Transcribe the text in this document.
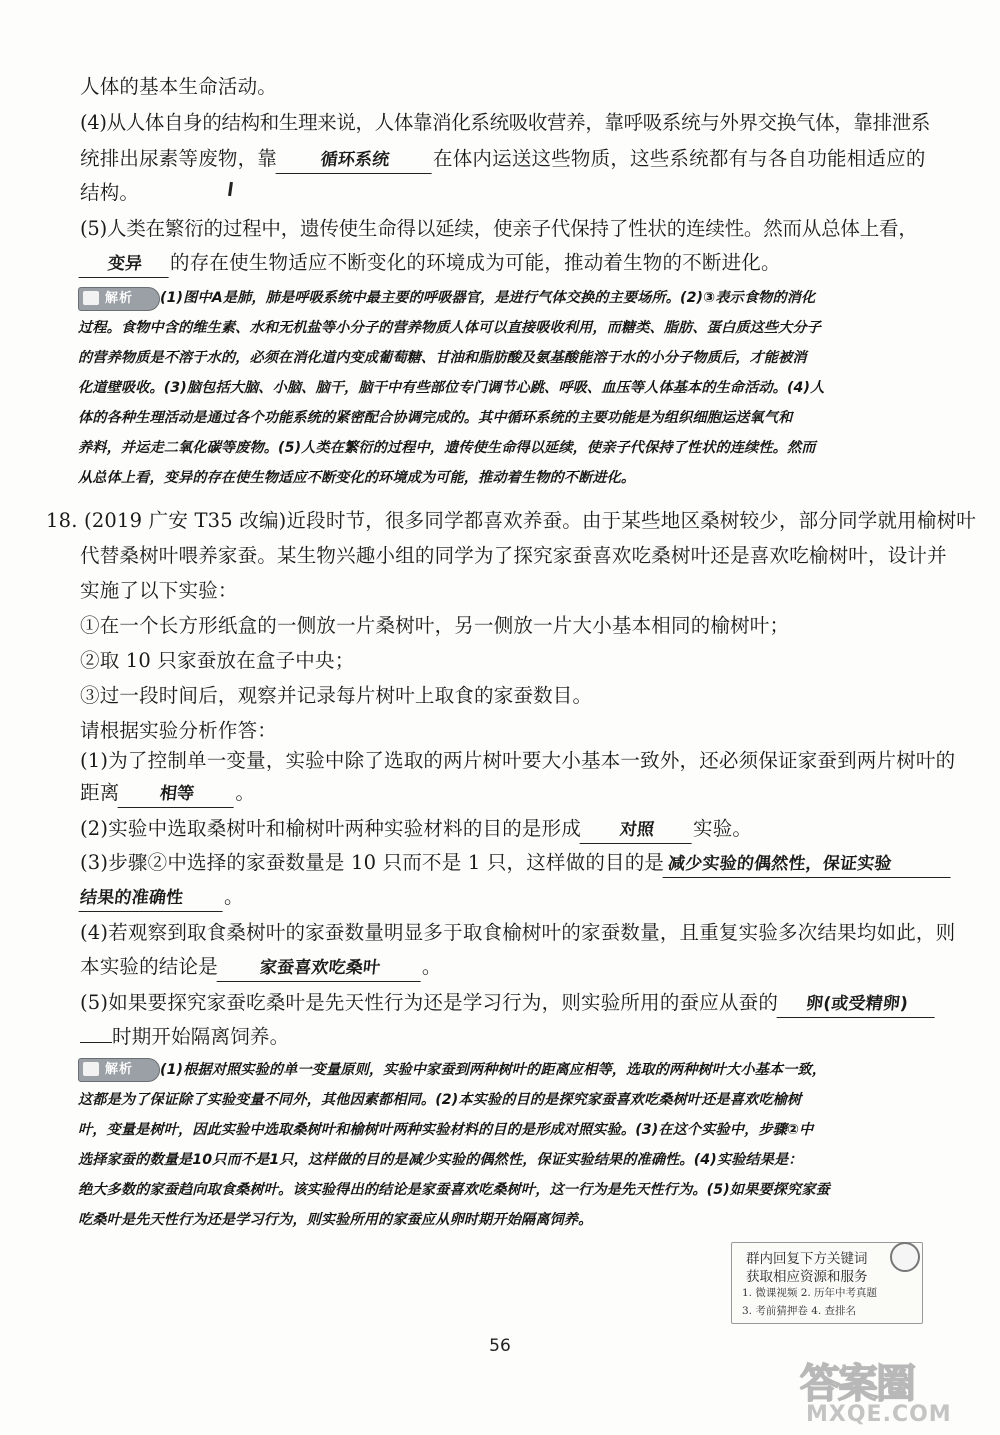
人体的基本生命活动。
(4)从人体自身的结构和生理来说，人体靠消化系统吸收营养，靠呼吸系统与外界交换气体，靠排泄系
统排出尿素等废物，靠	循环系统 在体内运送这些物质，这些系统都有与各自功能相适应的
结构。
(5)人类在繁衍的过程中，遗传使生命得以延续，使亲子代保持了性状的连续性。然而从总体上看，
变异 的存在使生物适应不断变化的环境成为可能，推动着生物的不断进化。
解析	(1)图中A是肺，肺是呼吸系统中最主要的呼吸器官，是进行气体交换的主要场所。(2)③表示食物的消化
过程。食物中含的维生素、水和无机盐等小分子的营养物质人体可以直接吸收利用，而糖类、脂肪、蛋白质这些大分子
的营养物质是不溶于水的，必须在消化道内变成葡萄糖、甘油和脂肪酸及氨基酸能溶于水的小分子物质后，才能被消
化道壁吸收。(3)脑包括大脑、小脑、脑干，脑干中有些部位专门调节心跳、呼吸、血压等人体基本的生命活动。(4)人
体的各种生理活动是通过各个功能系统的紧密配合协调完成的。其中循环系统的主要功能是为组织细胞运送氧气和
养料，并运走二氧化碳等废物。(5)人类在繁衍的过程中，遗传使生命得以延续，使亲子代保持了性状的连续性。然而
从总体上看，变异的存在使生物适应不断变化的环境成为可能，推动着生物的不断进化。
18. (2019 广安 T35 改编)近段时节，很多同学都喜欢养蚕。由于某些地区桑树较少，部分同学就用榆树叶
代替桑树叶喂养家蚕。某生物兴趣小组的同学为了探究家蚕喜欢吃桑树叶还是喜欢吃榆树叶，设计并
实施了以下实验：
①在一个长方形纸盒的一侧放一片桑树叶，另一侧放一片大小基本相同的榆树叶；
②取 10 只家蚕放在盒子中央；
③过一段时间后，观察并记录每片树叶上取食的家蚕数目。
请根据实验分析作答：
(1)为了控制单一变量，实验中除了选取的两片树叶要大小基本一致外，还必须保证家蚕到两片树叶的
距离 相等 。
(2)实验中选取桑树叶和榆树叶两种实验材料的目的是形成 对照 实验。
(3)步骤②中选择的家蚕数量是 10 只而不是 1 只，这样做的目的是 减少实验的偶然性，保证实验
结果的准确性 。
(4)若观察到取食桑树叶的家蚕数量明显多于取食榆树叶的家蚕数量，且重复实验多次结果均如此，则
本实验的结论是 家蚕喜欢吃桑叶 。
(5)如果要探究家蚕吃桑叶是先天性行为还是学习行为，则实验所用的蚕应从蚕的 卵(或受精卵)
时期开始隔离饲养。
解析	(1)根据对照实验的单一变量原则，实验中家蚕到两种树叶的距离应相等，选取的两种树叶大小基本一致，
这都是为了保证除了实验变量不同外，其他因素都相同。(2)本实验的目的是探究家蚕喜欢吃桑树叶还是喜欢吃榆树
叶，变量是树叶，因此实验中选取桑树叶和榆树叶两种实验材料的目的是形成对照实验。(3)在这个实验中，步骤②中
选择家蚕的数量是10只而不是1只，这样做的目的是减少实验的偶然性，保证实验结果的准确性。(4)实验结果是：
绝大多数的家蚕趋向取食桑树叶。该实验得出的结论是家蚕喜欢吃桑树叶，这一行为是先天性行为。(5)如果要探究家蚕
吃桑叶是先天性行为还是学习行为，则实验所用的家蚕应从卵时期开始隔离饲养。
群内回复下方关键词
获取相应资源和服务
1. 微课视频 2. 历年中考真题
3. 考前猜押卷 4. 查排名
56
答案圈
MXQE.COM
